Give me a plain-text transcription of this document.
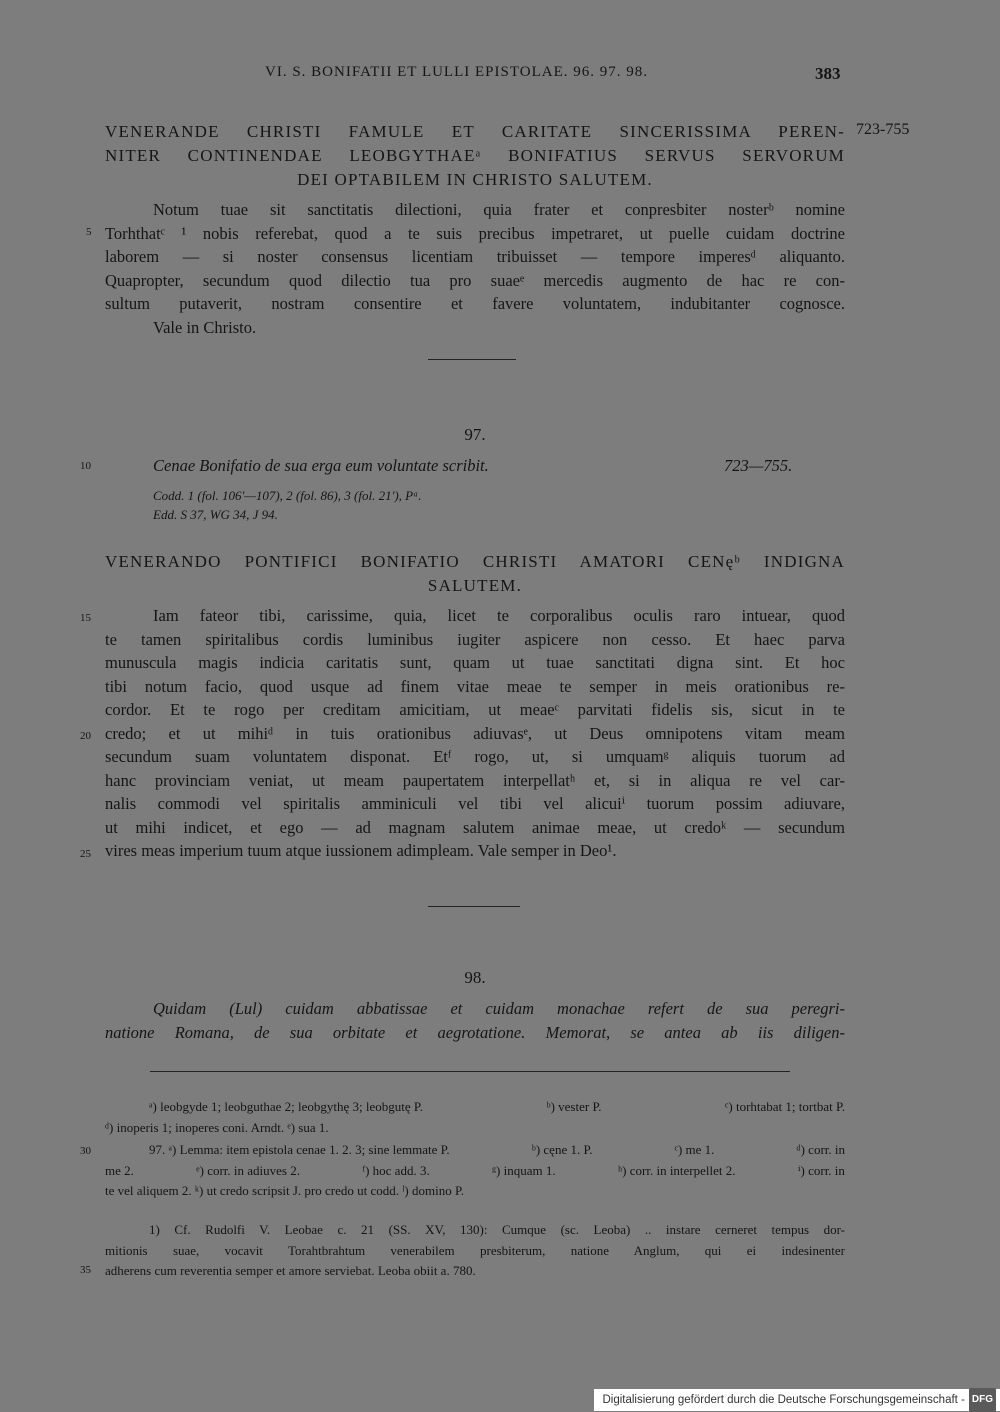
VI. S. BONIFATII ET LULLI EPISTOLAE. 96. 97. 98.	383
VENERANDE CHRISTI FAMULE ET CARITATE SINCERISSIMA PEREN-
NITER CONTINENDAE LEOBGYTHAEᵃ BONIFATIUS SERVUS SERVORUM
DEI OPTABILEM IN CHRISTO SALUTEM.
723-755
Notum tuae sit sanctitatis dilectioni, quia frater et conpresbiter nosterᵇ nomine
Torhthatᶜ ¹ nobis referebat, quod a te suis precibus impetraret, ut puelle cuidam doctrine
laborem — si noster consensus licentiam tribuisset — tempore imperesᵈ aliquanto.
Quapropter, secundum quod dilectio tua pro suaeᵉ mercedis augmento de hac re con-
sultum putaverit, nostram consentire et favere voluntatem, indubitanter cognosce.
Vale in Christo.
97.
Cenae Bonifatio de sua erga eum voluntate scribit.	723—755.
Codd. 1 (fol. 106'—107), 2 (fol. 86), 3 (fol. 21'), Pᵃ.
Edd. S 37, WG 34, J 94.
VENERANDO PONTIFICI BONIFATIO CHRISTI AMATORI CENęᵇ INDIGNA
SALUTEM.
Iam fateor tibi, carissime, quia, licet te corporalibus oculis raro intuear, quod
te tamen spiritalibus cordis luminibus iugiter aspicere non cesso. Et haec parva
munuscula magis indicia caritatis sunt, quam ut tuae sanctitati digna sint. Et hoc
tibi notum facio, quod usque ad finem vitae meae te semper in meis orationibus re-
cordor. Et te rogo per creditam amicitiam, ut meaeᶜ parvitati fidelis sis, sicut in te
credo; et ut mihiᵈ in tuis orationibus adiuvasᵉ, ut Deus omnipotens vitam meam
secundum suam voluntatem disponat. Etᶠ rogo, ut, si umquamᵍ aliquis tuorum ad
hanc provinciam veniat, ut meam paupertatem interpellatʰ et, si in aliqua re vel car-
nalis commodi vel spiritalis amminiculi vel tibi vel alicuiⁱ tuorum possim adiuvare,
ut mihi indicet, et ego — ad magnam salutem animae meae, ut credoᵏ — secundum
vires meas imperium tuum atque iussionem adimpleam. Vale semper in Deo¹.
98.
Quidam (Lul) cuidam abbatissae et cuidam monachae refert de sua peregri-
natione Romana, de sua orbitate et aegrotatione. Memorat, se antea ab iis diligen-
ᵃ) leobgyde 1; leobguthae 2; leobgythę 3; leobgutę P.	ᵇ) vester P.	ᶜ) torhtabat 1; tortbat P.
ᵈ) inoperis 1; inoperes coni. Arndt. ᵉ) sua 1.
97. ᵃ) Lemma: item epistola cenae 1. 2. 3; sine lemmate P.	ᵇ) cęne 1. P.	ᶜ) me 1.	ᵈ) corr. in
me 2.	ᵉ) corr. in adiuves 2.	ᶠ) hoc add. 3.	ᵍ) inquam 1.	ʰ) corr. in interpellet 2.	ⁱ) corr. in
te vel aliquem 2. ᵏ) ut credo scripsit J. pro credo ut codd. ˡ) domino P.
1) Cf. Rudolfi V. Leobae c. 21 (SS. XV, 130): Cumque (sc. Leoba) .. instare cerneret tempus dor-
mitionis suae, vocavit Torahtbrahtum venerabilem presbiterum, natione Anglum, qui ei indesinenter
adherens cum reverentia semper et amore serviebat. Leoba obiit a. 780.
5
10
15
20
25
30
35
Digitalisierung gefördert durch die Deutsche Forschungsgemeinschaft - DFG
